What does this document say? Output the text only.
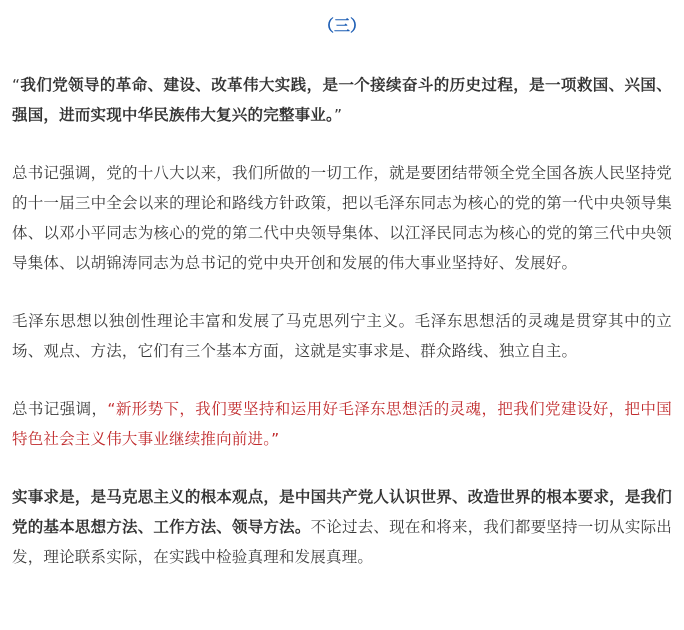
（三）

“我们党领导的革命、建设、改革伟大实践，是一个接续奋斗的历史过程，是一项救国、兴国、强国，进而实现中华民族伟大复兴的完整事业。”

总书记强调，党的十八大以来，我们所做的一切工作，就是要团结带领全党全国各族人民坚持党的十一届三中全会以来的理论和路线方针政策，把以毛泽东同志为核心的党的第一代中央领导集体、以邓小平同志为核心的党的第二代中央领导集体、以江泽民同志为核心的党的第三代中央领导集体、以胡锦涛同志为总书记的党中央开创和发展的伟大事业坚持好、发展好。

毛泽东思想以独创性理论丰富和发展了马克思列宁主义。毛泽东思想活的灵魂是贯穿其中的立场、观点、方法，它们有三个基本方面，这就是实事求是、群众路线、独立自主。

总书记强调，“新形势下，我们要坚持和运用好毛泽东思想活的灵魂，把我们党建设好，把中国特色社会主义伟大事业继续推向前进。”

实事求是，是马克思主义的根本观点，是中国共产党人认识世界、改造世界的根本要求，是我们党的基本思想方法、工作方法、领导方法。不论过去、现在和将来，我们都要坚持一切从实际出发，理论联系实际，在实践中检验真理和发展真理。
